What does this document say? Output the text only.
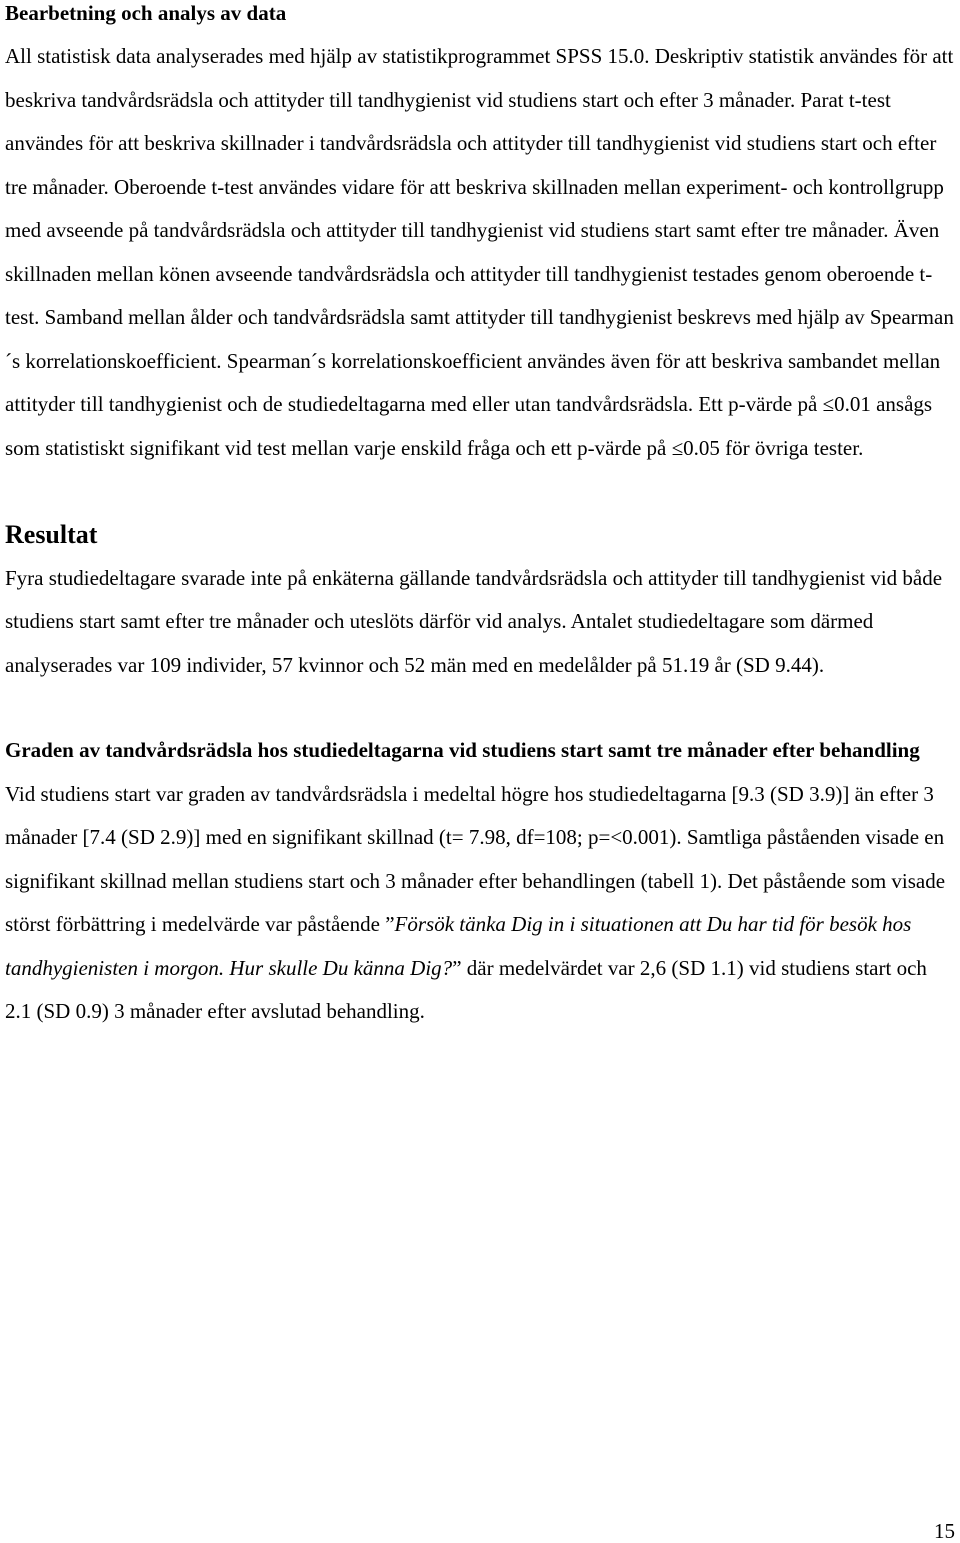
Bearbetning och analys av data

All statistisk data analyserades med hjälp av statistikprogrammet SPSS 15.0. Deskriptiv statistik användes för att beskriva tandvårdsrädsla och attityder till tandhygienist vid studiens start och efter 3 månader. Parat t-test användes för att beskriva skillnader i tandvårdsrädsla och attityder till tandhygienist vid studiens start och efter tre månader. Oberoende t-test användes vidare för att beskriva skillnaden mellan experiment- och kontrollgrupp med avseende på tandvårdsrädsla och attityder till tandhygienist vid studiens start samt efter tre månader. Även skillnaden mellan könen avseende tandvårdsrädsla och attityder till tandhygienist testades genom oberoende t-test. Samband mellan ålder och tandvårdsrädsla samt attityder till tandhygienist beskrevs med hjälp av Spearman´s korrelationskoefficient. Spearman´s korrelationskoefficient användes även för att beskriva sambandet mellan attityder till tandhygienist och de studiedeltagarna med eller utan tandvårdsrädsla. Ett p-värde på ≤0.01 ansågs som statistiskt signifikant vid test mellan varje enskild fråga och ett p-värde på ≤0.05 för övriga tester.

Resultat

Fyra studiedeltagare svarade inte på enkäterna gällande tandvårdsrädsla och attityder till tandhygienist vid både studiens start samt efter tre månader och uteslöts därför vid analys. Antalet studiedeltagare som därmed analyserades var 109 individer, 57 kvinnor och 52 män med en medelålder på 51.19 år (SD 9.44).

Graden av tandvårdsrädsla hos studiedeltagarna vid studiens start samt tre månader efter behandling

Vid studiens start var graden av tandvårdsrädsla i medeltal högre hos studiedeltagarna [9.3 (SD 3.9)] än efter 3 månader [7.4 (SD 2.9)] med en signifikant skillnad (t= 7.98, df=108; p=<0.001). Samtliga påståenden visade en signifikant skillnad mellan studiens start och 3 månader efter behandlingen (tabell 1). Det påstående som visade störst förbättring i medelvärde var påstående ”Försök tänka Dig in i situationen att Du har tid för besök hos tandhygienisten i morgon. Hur skulle Du känna Dig?” där medelvärdet var 2,6 (SD 1.1) vid studiens start och 2.1 (SD 0.9) 3 månader efter avslutad behandling.

15
